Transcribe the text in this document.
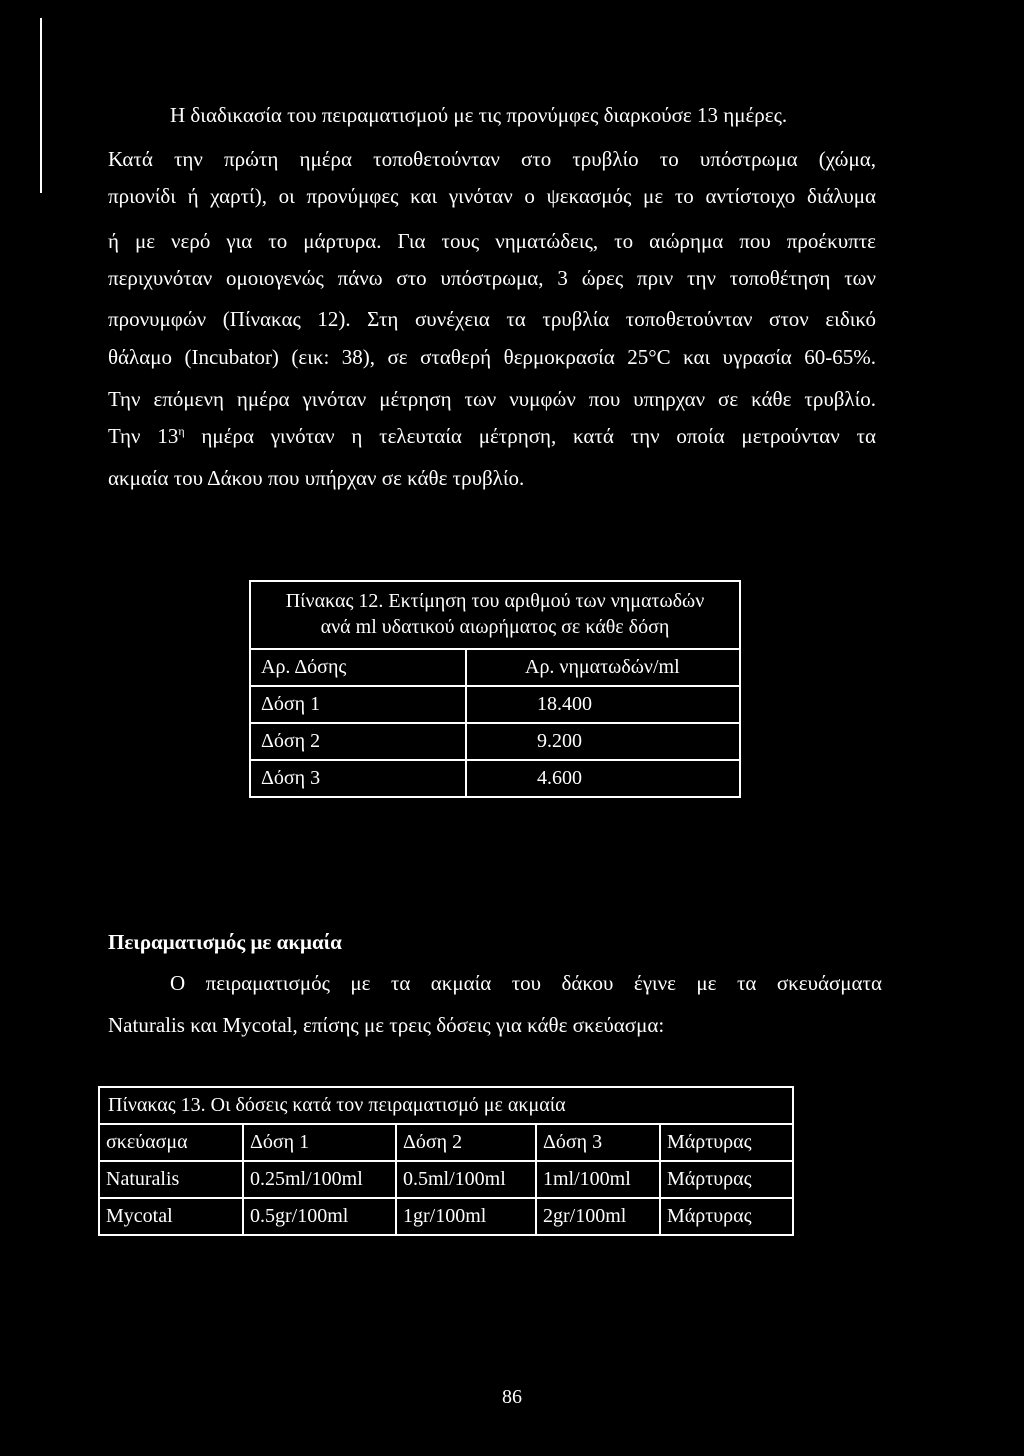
Η διαδικασία του πειραματισμού με τις προνύμφες διαρκούσε 13 ημέρες.
Κατά την πρώτη ημέρα τοποθετούνταν στο τρυβλίο το υπόστρωμα (χώμα,
πριονίδι ή χαρτί), οι προνύμφες και γινόταν ο ψεκασμός με το αντίστοιχο διάλυμα
ή με νερό για το μάρτυρα. Για τους νηματώδεις, το αιώρημα που προέκυπτε
περιχυνόταν ομοιογενώς πάνω στο υπόστρωμα, 3 ώρες πριν την τοποθέτηση των
προνυμφών (Πίνακας 12). Στη συνέχεια τα τρυβλία τοποθετούνταν στον ειδικό
θάλαμο (Incubator) (εικ: 38), σε σταθερή θερμοκρασία 25°C και υγρασία 60-65%.
Την επόμενη ημέρα γινόταν μέτρηση των νυμφών που υπηρχαν σε κάθε τρυβλίο.
Την $13^\eta$ ημέρα γινόταν η τελευταία μέτρηση, κατά την οποία μετρούνταν τα
ακμαία του Δάκου που υπήρχαν σε κάθε τρυβλίο.
Πίνακας 12. Εκτίμηση του αριθμού των νηματωδών
ανά ml υδατικού αιωρήματος σε κάθε δόση	

Αρ. Δόσης	Αρ. νηματωδών/ml
Δόση 1	18.400
Δόση 2	9.200
Δόση 3	4.600
Πειραματισμός με ακμαία
Ο πειραματισμός με τα ακμαία του δάκου έγινε με τα σκευάσματα
Naturalis και Mycotal, επίσης με τρεις δόσεις για κάθε σκεύασμα:
Πίνακας 13. Οι δόσεις κατά τον πειραματισμό με ακμαία				
σκεύασμα	Δόση 1	Δόση 2	Δόση 3	Μάρτυρας
Naturalis	0.25ml/100ml	0.5ml/100ml	1ml/100ml	Μάρτυρας
Mycotal	0.5gr/100ml	1gr/100ml	2gr/100ml	Μάρτυρας
86
